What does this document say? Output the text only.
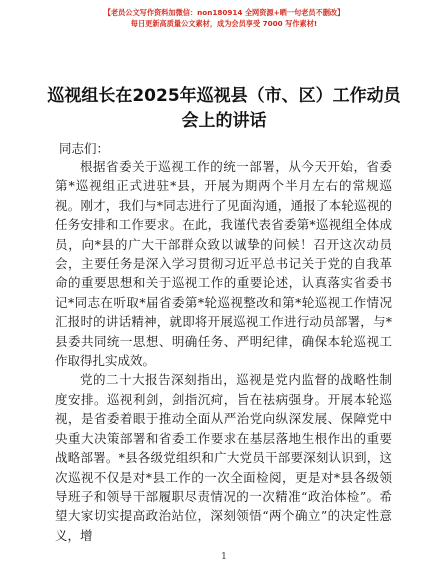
【老员公文写作资料加微信：non180914 全网资源+晒一句老员不删改】
每日更新高质量公文素材，成为会员享受 7000 写作素材!
巡视组长在2025年巡视县（市、区）工作动员会上的讲话
同志们：

根据省委关于巡视工作的统一部署，从今天开始，省委第*巡视组正式进驻*县，开展为期两个半月左右的常规巡视。刚才，我们与*同志进行了见面沟通，通报了本轮巡视的任务安排和工作要求。在此，我谨代表省委第*巡视组全体成员，向*县的广大干部群众致以诚挚的问候！召开这次动员会，主要任务是深入学习贯彻习近平总书记关于党的自我革命的重要思想和关于巡视工作的重要论述，认真落实省委书记*同志在听取*届省委第*轮巡视整改和第*轮巡视工作情况汇报时的讲话精神，就即将开展巡视工作进行动员部署，与*县委共同统一思想、明确任务、严明纪律，确保本轮巡视工作取得扎实成效。

党的二十大报告深刻指出，巡视是党内监督的战略性制度安排。巡视利剑，剑指沉疴，旨在祛病强身。开展本轮巡视，是省委着眼于推动全面从严治党向纵深发展、保障党中央重大决策部署和省委工作要求在基层落地生根作出的重要战略部署。*县各级党组织和广大党员干部要深刻认识到，这次巡视不仅是对*县工作的一次全面检阅，更是对*县各级领导班子和领导干部履职尽责情况的一次精准“政治体检”。希望大家切实提高政治站位，深刻领悟“两个确立”的决定性意义，增

1
